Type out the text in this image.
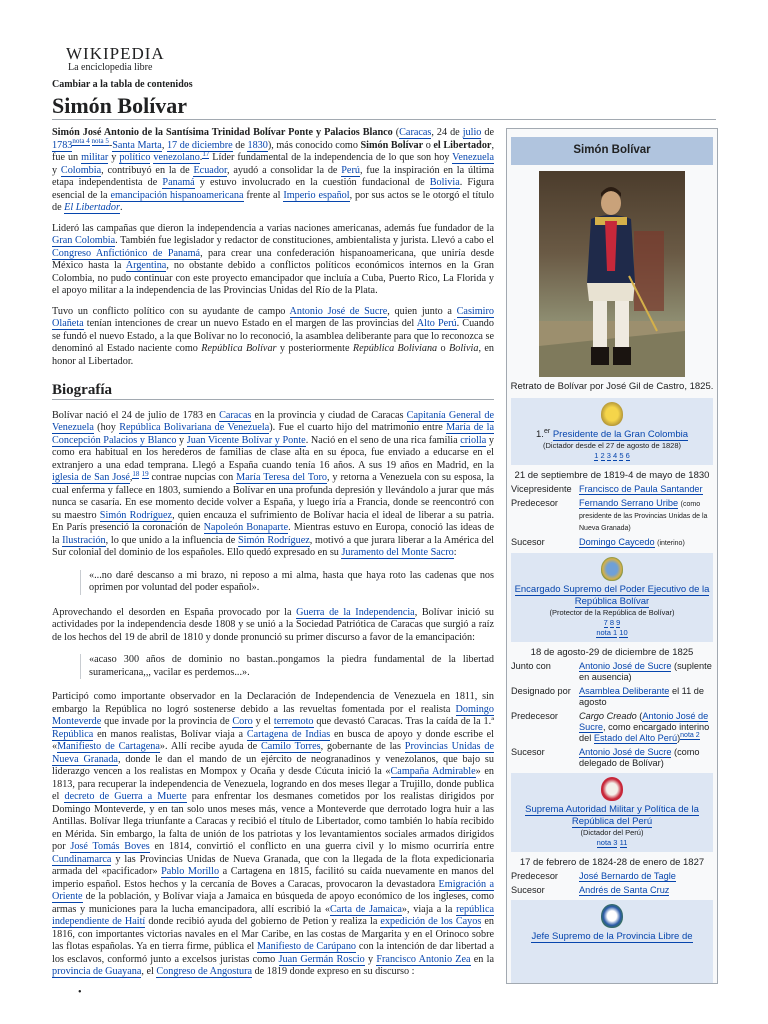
WIKIPEDIA
La enciclopedia libre
Cambiar a la tabla de contenidos
Simón Bolívar

Simón José Antonio de la Santísima Trinidad Bolívar Ponte y Palacios Blanco (Caracas, 24 de julio de $1783^{nota 4 nota 5}$-Santa Marta, 17 de diciembre de 1830), más conocido como Simón Bolívar o el Libertador, fue un militar y político venezolano.$^{17}$ Líder fundamental de la independencia de lo que son hoy Venezuela y Colombia, contribuyó en la de Ecuador, ayudó a consolidar la de Perú, fue la inspiración en la última etapa independentista de Panamá y estuvo involucrado en la cuestión fundacional de Bolivia. Figura esencial de la emancipación hispanoamericana frente al Imperio español, por sus actos se le otorgó el título de El Libertador.

Lideró las campañas que dieron la independencia a varias naciones americanas, además fue fundador de la Gran Colombia. También fue legislador y redactor de constituciones, ambientalista y jurista. Llevó a cabo el Congreso Anfictiónico de Panamá, para crear una confederación hispanoamericana, que uniría desde México hasta la Argentina, no obstante debido a conflictos políticos económicos internos en la Gran Colombia, no pudo continuar con este proyecto emancipador que incluía a Cuba, Puerto Rico, La Florida y el apoyo militar a la independencia de las Provincias Unidas del Río de la Plata.

Tuvo un conflicto político con su ayudante de campo Antonio José de Sucre, quien junto a Casimiro Olañeta tenían intenciones de crear un nuevo Estado en el margen de las provincias del Alto Perú. Cuando se fundó el nuevo Estado, a la que Bolívar no lo reconoció, la asamblea deliberante para que lo reconozca se denominó al Estado naciente como República Bolívar y posteriormente República Boliviana o Bolivia, en honor al Libertador.

Biografía

Bolívar nació el 24 de julio de 1783 en Caracas en la provincia y ciudad de Caracas Capitanía General de Venezuela (hoy República Bolivariana de Venezuela). Fue el cuarto hijo del matrimonio entre María de la Concepción Palacios y Blanco y Juan Vicente Bolívar y Ponte. Nació en el seno de una rica familia criolla y como era habitual en los herederos de familias de clase alta en su época, fue enviado a educarse en el extranjero a una edad temprana. Llegó a España cuando tenía 16 años. A sus 19 años en Madrid, en la iglesia de San José,$^{18 19}$ contrae nupcias con María Teresa del Toro, y retorna a Venezuela con su esposa, la cual enferma y fallece en 1803, sumiendo a Bolívar en una profunda depresión y llevándolo a jurar que más nunca se casaría. En ese momento decide volver a España, y luego iría a Francia, donde se reencontró con su maestro Simón Rodríguez, quien encauza el sufrimiento de Bolívar hacia el ideal de liberar a su patria. En París presenció la coronación de Napoleón Bonaparte. Mientras estuvo en Europa, conoció las ideas de la Ilustración, lo que unido a la influencia de Simón Rodríguez, motivó a que jurara liberar a la América del Sur colonial del dominio de los españoles. Ello quedó expresado en su Juramento del Monte Sacro:

«...no daré descanso a mi brazo, ni reposo a mi alma, hasta que haya roto las cadenas que nos oprimen por voluntad del poder español».

Aprovechando el desorden en España provocado por la Guerra de la Independencia, Bolívar inició su actividades por la independencia desde 1808 y se unió a la Sociedad Patriótica de Caracas que surgió a raíz de los hechos del 19 de abril de 1810 y donde pronunció su primer discurso a favor de la emancipación:

«acaso 300 años de dominio no bastan..pongamos la piedra fundamental de la libertad suramericana,,, vacilar es perdemos...».

Participó como importante observador en la Declaración de Independencia de Venezuela en 1811, sin embargo la República no logró sostenerse debido a las revueltas fomentada por el realista Domingo Monteverde que invade por la provincia de Coro y el terremoto que devastó Caracas. Tras la caída de la 1.ª República en manos realistas, Bolívar viaja a Cartagena de Indias en busca de apoyo y donde escribe el «Manifiesto de Cartagena». Allí recibe ayuda de Camilo Torres, gobernante de las Provincias Unidas de Nueva Granada, donde le dan el mando de un ejército de neogranadinos y venezolanos, que bajo su liderazgo vencen a los realistas en Mompox y Ocaña y desde Cúcuta inició la «Campaña Admirable» en 1813, para recuperar la independencia de Venezuela, logrando en dos meses llegar a Trujillo, donde publica el decreto de Guerra a Muerte para enfrentar los desmanes cometidos por los realistas dirigidos por Domingo Monteverde, y en tan solo unos meses más, vence a Monteverde que derrotado logra huir a las Antillas. Bolívar llega triunfante a Caracas y recibió el título de Libertador, como también lo había recibido en Mérida. Sin embargo, la falta de unión de los patriotas y los levantamientos sociales armados dirigidos por José Tomás Boves en 1814, convirtió el conflicto en una guerra civil y lo mismo ocurriría entre Cundinamarca y las Provincias Unidas de Nueva Granada, que con la llegada de la flota expedicionaria armada del «pacificador» Pablo Morillo a Cartagena en 1815, facilitó su caída nuevamente en manos del imperio español. Estos hechos y la cercanía de Boves a Caracas, provocaron la devastadora Emigración a Oriente de la población, y Bolívar viaja a Jamaica en búsqueda de apoyo económico de los ingleses, como armas y municiones para la lucha emancipadora, allí escribió la «Carta de Jamaica», viaja a la república independiente de Haití donde recibió ayuda del gobierno de Petion y realiza la expedición de los Cayos en 1816, con importantes victorias navales en el Mar Caribe, en las costas de Margarita y en el Orinoco sobre las flotas españolas. Ya en tierra firme, pública el Manifiesto de Carúpano con la intención de dar libertad a los esclavos, conformó junto a excelsos juristas como Juan Germán Roscio y Francisco Antonio Zea en la provincia de Guayana, el Congreso de Angostura de 1819 donde expreso en su discurso :

•
Simón Bolívar
Retrato de Bolívar por José Gil de Castro, 1825.
1.$^{er}$ Presidente de la Gran Colombia
(Dictador desde el 27 de agosto de 1828)
1 2 3 4 5 6
21 de septiembre de 1819-4 de mayo de 1830
Vicepresidente Francisco de Paula Santander
Predecesor	Fernando Serrano Uribe (como presidente de las Provincias Unidas de la Nueva Granada)
Sucesor	Domingo Caycedo (interino)
Encargado Supremo del Poder Ejecutivo de la República Bolívar
(Protector de la República de Bolívar)
7 8 9
nota 1 10
18 de agosto-29 de diciembre de 1825
Junto con	Antonio José de Sucre (suplente en ausencia)
Designado por Asamblea Deliberante el 11 de agosto
Predecesor	Cargo Creado (Antonio José de Sucre, como encargado interino del Estado del Alto Perú)$^{nota 2}$
Sucesor	Antonio José de Sucre (como delegado de Bolívar)
Suprema Autoridad Militar y Política de la República del Perú
(Dictador del Perú)
nota 3 11
17 de febrero de 1824-28 de enero de 1827
Predecesor	José Bernardo de Tagle
Sucesor	Andrés de Santa Cruz
Jefe Supremo de la Provincia Libre de
